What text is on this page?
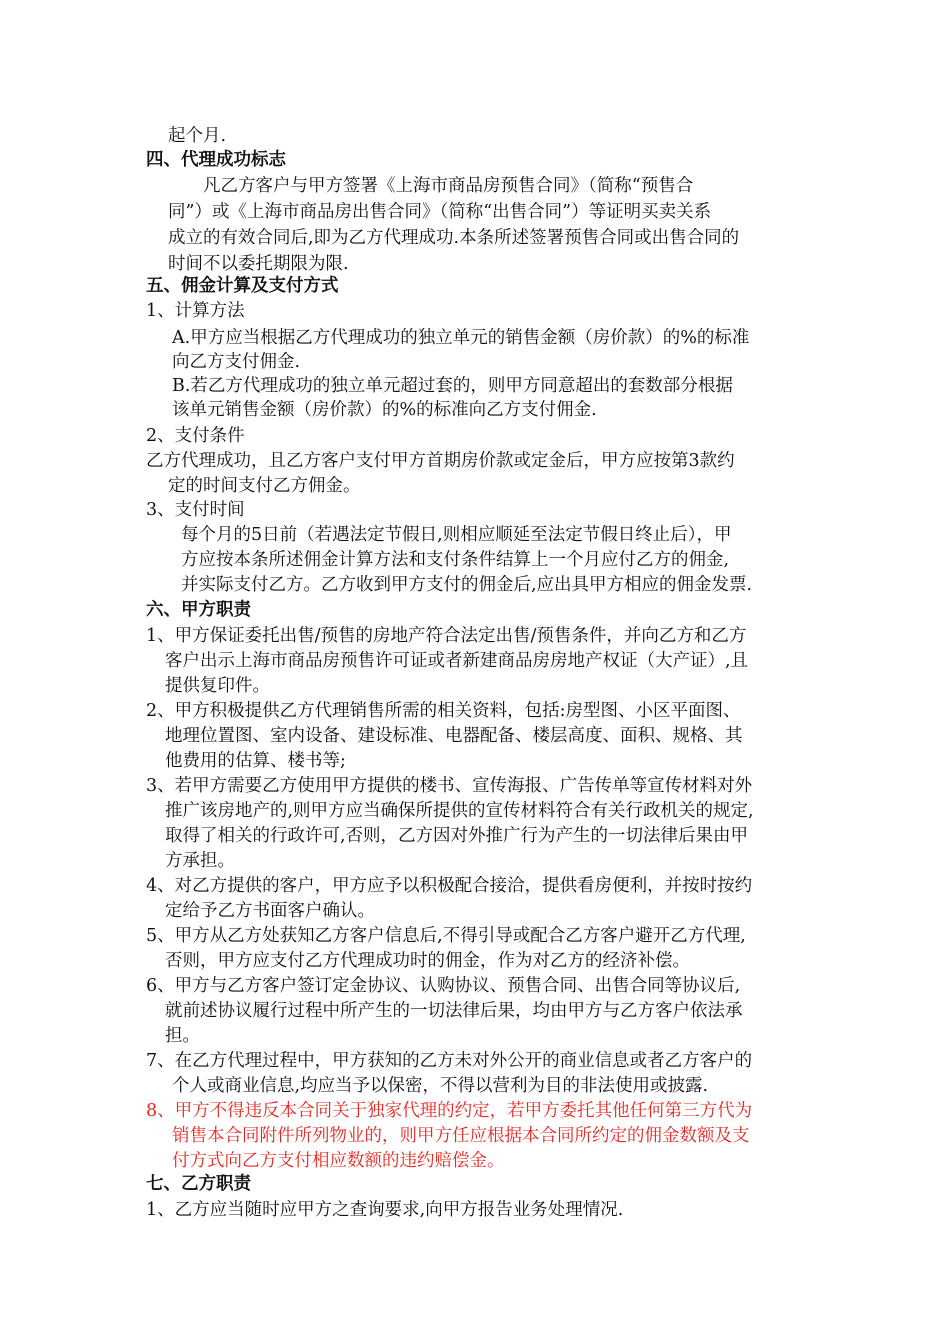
起个月.
四、代理成功标志
凡乙方客户与甲方签署《上海市商品房预售合同》（简称“预售合
同”）或《上海市商品房出售合同》（简称“出售合同”）等证明买卖关系
成立的有效合同后,即为乙方代理成功.本条所述签署预售合同或出售合同的
时间不以委托期限为限.
五、佣金计算及支付方式
1、计算方法
A.甲方应当根据乙方代理成功的独立单元的销售金额（房价款）的%的标准
向乙方支付佣金.
B.若乙方代理成功的独立单元超过套的，则甲方同意超出的套数部分根据
该单元销售金额（房价款）的%的标准向乙方支付佣金.
2、支付条件
乙方代理成功，且乙方客户支付甲方首期房价款或定金后，甲方应按第3款约
定的时间支付乙方佣金。
3、支付时间
每个月的5日前（若遇法定节假日,则相应顺延至法定节假日终止后），甲
方应按本条所述佣金计算方法和支付条件结算上一个月应付乙方的佣金,
并实际支付乙方。乙方收到甲方支付的佣金后,应出具甲方相应的佣金发票.
六、甲方职责
1、甲方保证委托出售/预售的房地产符合法定出售/预售条件，并向乙方和乙方
客户出示上海市商品房预售许可证或者新建商品房房地产权证（大产证）,且
提供复印件。
2、甲方积极提供乙方代理销售所需的相关资料，包括:房型图、小区平面图、
地理位置图、室内设备、建设标准、电器配备、楼层高度、面积、规格、其
他费用的估算、楼书等;
3、若甲方需要乙方使用甲方提供的楼书、宣传海报、广告传单等宣传材料对外
推广该房地产的,则甲方应当确保所提供的宣传材料符合有关行政机关的规定,
取得了相关的行政许可,否则，乙方因对外推广行为产生的一切法律后果由甲
方承担。
4、对乙方提供的客户，甲方应予以积极配合接洽，提供看房便利，并按时按约
定给予乙方书面客户确认。
5、甲方从乙方处获知乙方客户信息后,不得引导或配合乙方客户避开乙方代理,
否则，甲方应支付乙方代理成功时的佣金，作为对乙方的经济补偿。
6、甲方与乙方客户签订定金协议、认购协议、预售合同、出售合同等协议后,
就前述协议履行过程中所产生的一切法律后果，均由甲方与乙方客户依法承
担。
7、在乙方代理过程中，甲方获知的乙方未对外公开的商业信息或者乙方客户的
个人或商业信息,均应当予以保密，不得以营利为目的非法使用或披露.
8、甲方不得违反本合同关于独家代理的约定，若甲方委托其他任何第三方代为
销售本合同附件所列物业的，则甲方任应根据本合同所约定的佣金数额及支
付方式向乙方支付相应数额的违约赔偿金。
七、乙方职责
1、乙方应当随时应甲方之查询要求,向甲方报告业务处理情况.
